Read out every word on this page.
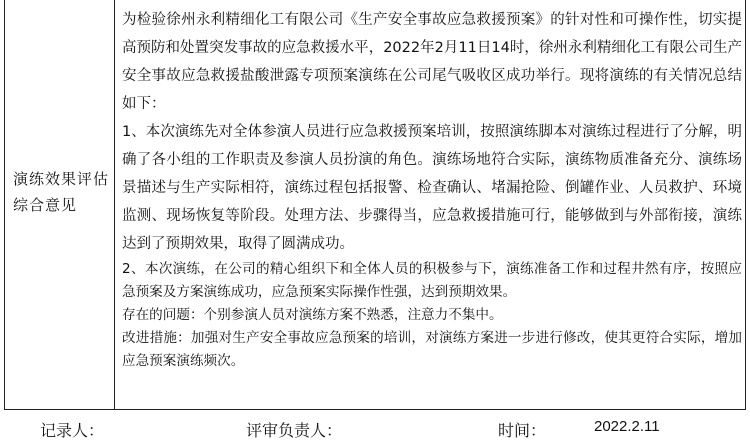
演练效果评估综合意见

为检验徐州永利精细化工有限公司《生产安全事故应急救援预案》的针对性和可操作性，切实提高预防和处置突发事故的应急救援水平，2022年2月11日14时，徐州永利精细化工有限公司生产安全事故应急救援盐酸泄露专项预案演练在公司尾气吸收区成功举行。现将演练的有关情况总结如下：

1、本次演练先对全体参演人员进行应急救援预案培训，按照演练脚本对演练过程进行了分解，明确了各小组的工作职责及参演人员扮演的角色。演练场地符合实际，演练物质准备充分、演练场景描述与生产实际相符，演练过程包括报警、检查确认、堵漏抢险、倒罐作业、人员救护、环境监测、现场恢复等阶段。处理方法、步骤得当，应急救援措施可行，能够做到与外部衔接，演练达到了预期效果，取得了圆满成功。

2、本次演练，在公司的精心组织下和全体人员的积极参与下，演练准备工作和过程井然有序，按照应急预案及方案演练成功，应急预案实际操作性强，达到预期效果。

存在的问题：个别参演人员对演练方案不熟悉，注意力不集中。

改进措施：加强对生产安全事故应急预案的培训，对演练方案进一步进行修改，使其更符合实际，增加应急预案演练频次。

记录人：	评审负责人：	时间：	2022.2.11
